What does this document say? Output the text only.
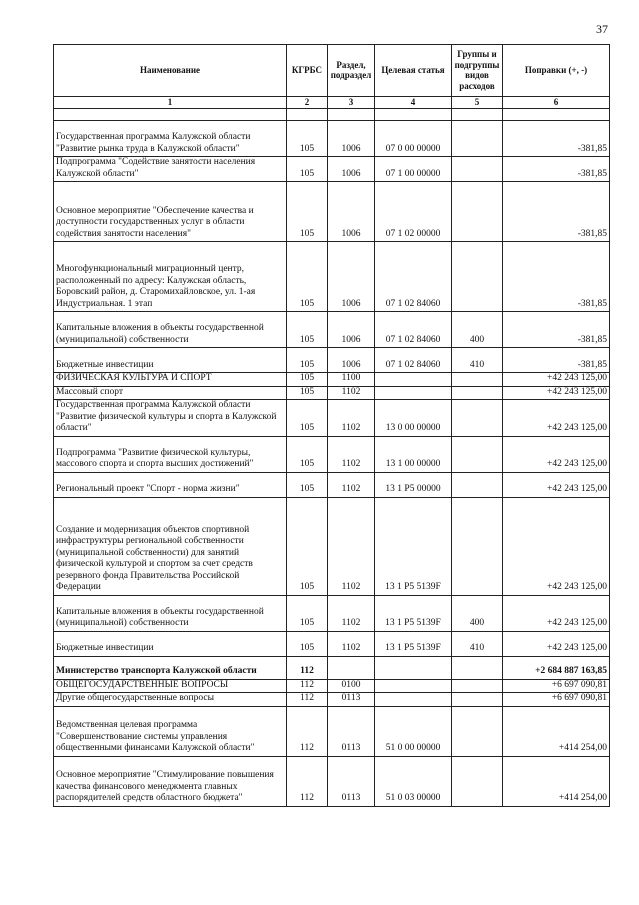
37
Наименование	КГРБС	Раздел, подраздел	Целевая статья	Группы и подгруппы видов расходов	Поправки (+, -)
1	2	3	4	5	6

Государственная программа Калужской области "Развитие рынка труда в Калужской области"	105	1006	07 0 00 00000		-381,85
Подпрограмма "Содействие занятости населения Калужской области"	105	1006	07 1 00 00000		-381,85
Основное мероприятие "Обеспечение качества и доступности государственных услуг в области содействия занятости населения"	105	1006	07 1 02 00000		-381,85
Многофункциональный миграционный центр, расположенный по адресу: Калужская область, Боровский район, д. Старомихайловское, ул. 1-ая Индустриальная. 1 этап	105	1006	07 1 02 84060		-381,85
Капитальные вложения в объекты государственной (муниципальной) собственности	105	1006	07 1 02 84060	400	-381,85
Бюджетные инвестиции	105	1006	07 1 02 84060	410	-381,85
ФИЗИЧЕСКАЯ КУЛЬТУРА И СПОРТ	105	1100			+42 243 125,00
Массовый спорт	105	1102			+42 243 125,00
Государственная программа Калужской области "Развитие физической культуры и спорта в Калужской области"	105	1102	13 0 00 00000		+42 243 125,00
Подпрограмма "Развитие физической культуры, массового спорта и спорта высших достижений"	105	1102	13 1 00 00000		+42 243 125,00
Региональный проект "Спорт - норма жизни"	105	1102	13 1 P5 00000		+42 243 125,00
Создание и модернизация объектов спортивной инфраструктуры региональной собственности (муниципальной собственности) для занятий физической культурой и спортом за счет средств резервного фонда Правительства Российской Федерации	105	1102	13 1 P5 5139F		+42 243 125,00
Капитальные вложения в объекты государственной (муниципальной) собственности	105	1102	13 1 P5 5139F	400	+42 243 125,00
Бюджетные инвестиции	105	1102	13 1 P5 5139F	410	+42 243 125,00
Министерство транспорта Калужской области	112				+2 684 887 163,85
ОБЩЕГОСУДАРСТВЕННЫЕ ВОПРОСЫ	112	0100			+6 697 090,81
Другие общегосударственные вопросы	112	0113			+6 697 090,81
Ведомственная целевая программа "Совершенствование системы управления общественными финансами Калужской области"	112	0113	51 0 00 00000		+414 254,00
Основное мероприятие "Стимулирование повышения качества финансового менеджмента главных распорядителей средств областного бюджета"	112	0113	51 0 03 00000		+414 254,00
